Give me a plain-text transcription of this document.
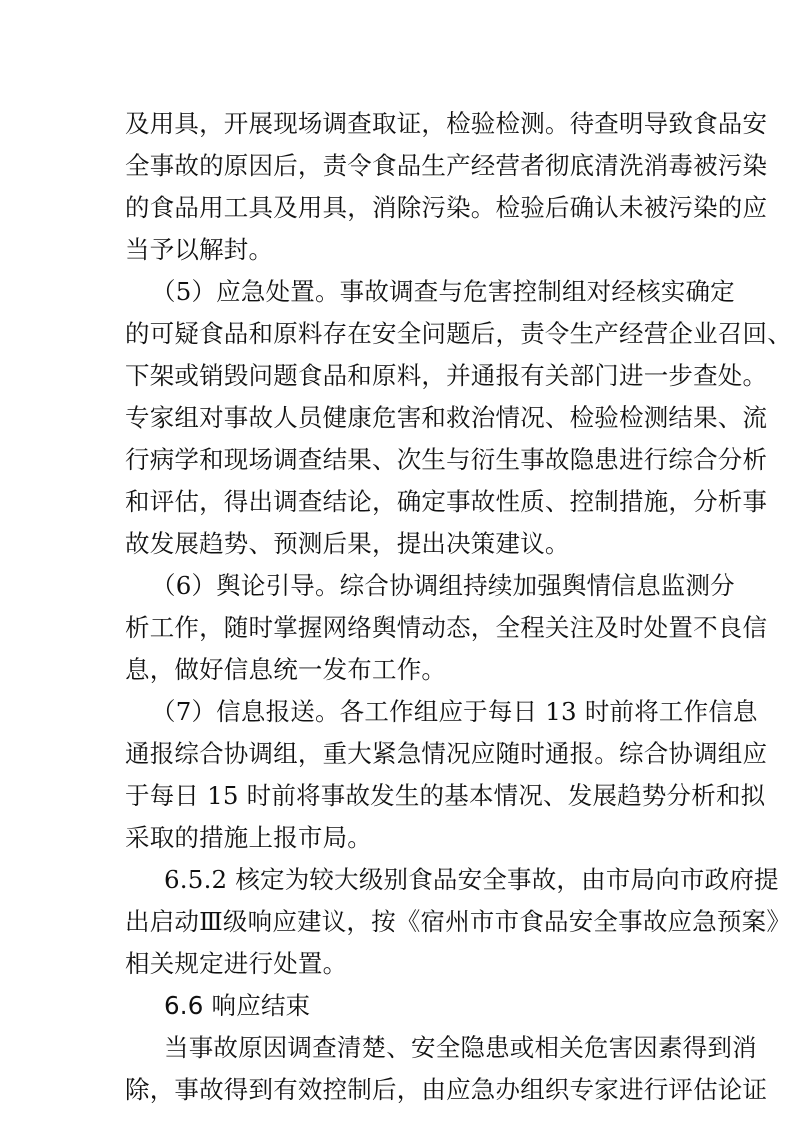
及用具，开展现场调查取证，检验检测。待查明导致食品安
全事故的原因后，责令食品生产经营者彻底清洗消毒被污染
的食品用工具及用具，消除污染。检验后确认未被污染的应
当予以解封。
（5）应急处置。事故调查与危害控制组对经核实确定
的可疑食品和原料存在安全问题后，责令生产经营企业召回、
下架或销毁问题食品和原料，并通报有关部门进一步查处。
专家组对事故人员健康危害和救治情况、检验检测结果、流
行病学和现场调查结果、次生与衍生事故隐患进行综合分析
和评估，得出调查结论，确定事故性质、控制措施，分析事
故发展趋势、预测后果，提出决策建议。
（6）舆论引导。综合协调组持续加强舆情信息监测分
析工作，随时掌握网络舆情动态，全程关注及时处置不良信
息，做好信息统一发布工作。
（7）信息报送。各工作组应于每日 13 时前将工作信息
通报综合协调组，重大紧急情况应随时通报。综合协调组应
于每日 15 时前将事故发生的基本情况、发展趋势分析和拟
采取的措施上报市局。
6.5.2 核定为较大级别食品安全事故，由市局向市政府提
出启动Ⅲ级响应建议，按《宿州市市食品安全事故应急预案》
相关规定进行处置。
6.6 响应结束
当事故原因调查清楚、安全隐患或相关危害因素得到消
除，事故得到有效控制后，由应急办组织专家进行评估论证
